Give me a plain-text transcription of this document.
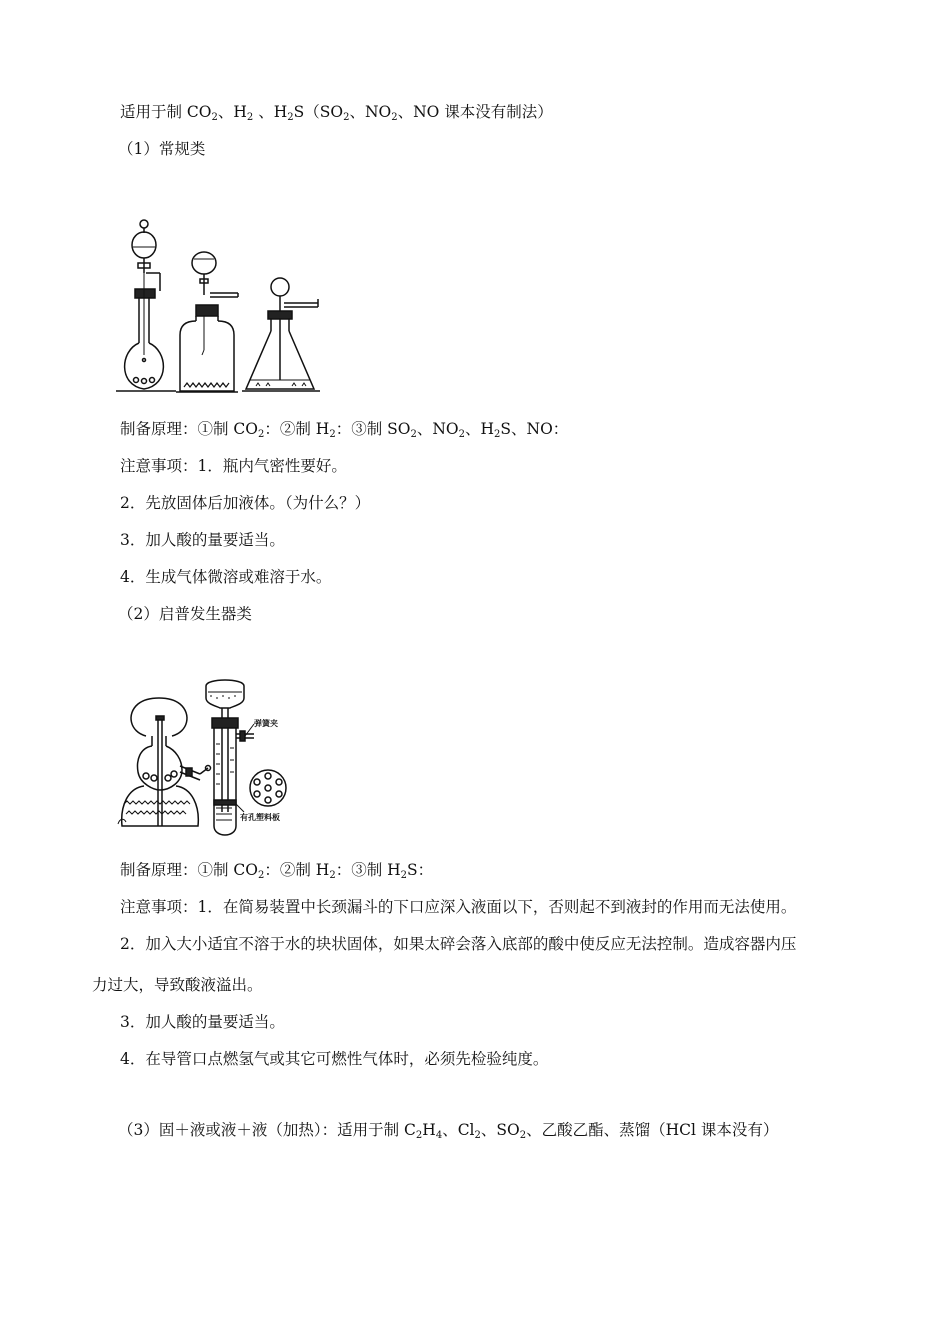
适用于制 $CO_2$、$H_2$ 、$H_2S(SO_2$、$NO_2$、NO 课本没有制法）
（1）常规类
制备原理：①制 $CO_2$：②制 $H_2$：③制 $SO_2$、$NO_2$、$H_2S$、NO：
注意事项：1．瓶内气密性要好。
2．先放固体后加液体。（为什么？）
3．加人酸的量要适当。
4．生成气体微溶或难溶于水。
（2）启普发生器类
弹簧夹
有孔塑料板
制备原理：①制 $CO_2$：②制 $H_2$：③制 $H_2S$：
注意事项：1．在简易装置中长颈漏斗的下口应深入液面以下，否则起不到液封的作用而无法使用。
2．加入大小适宜不溶于水的块状固体，如果太碎会落入底部的酸中使反应无法控制。造成容器内压
力过大，导致酸液溢出。
3．加人酸的量要适当。
4．在导管口点燃氢气或其它可燃性气体时，必须先检验纯度。
（3）固＋液或液＋液（加热）：适用于制 $C_2H_4$、$Cl_2$、$SO_2$、乙酸乙酯、蒸馏（HCl 课本没有）
